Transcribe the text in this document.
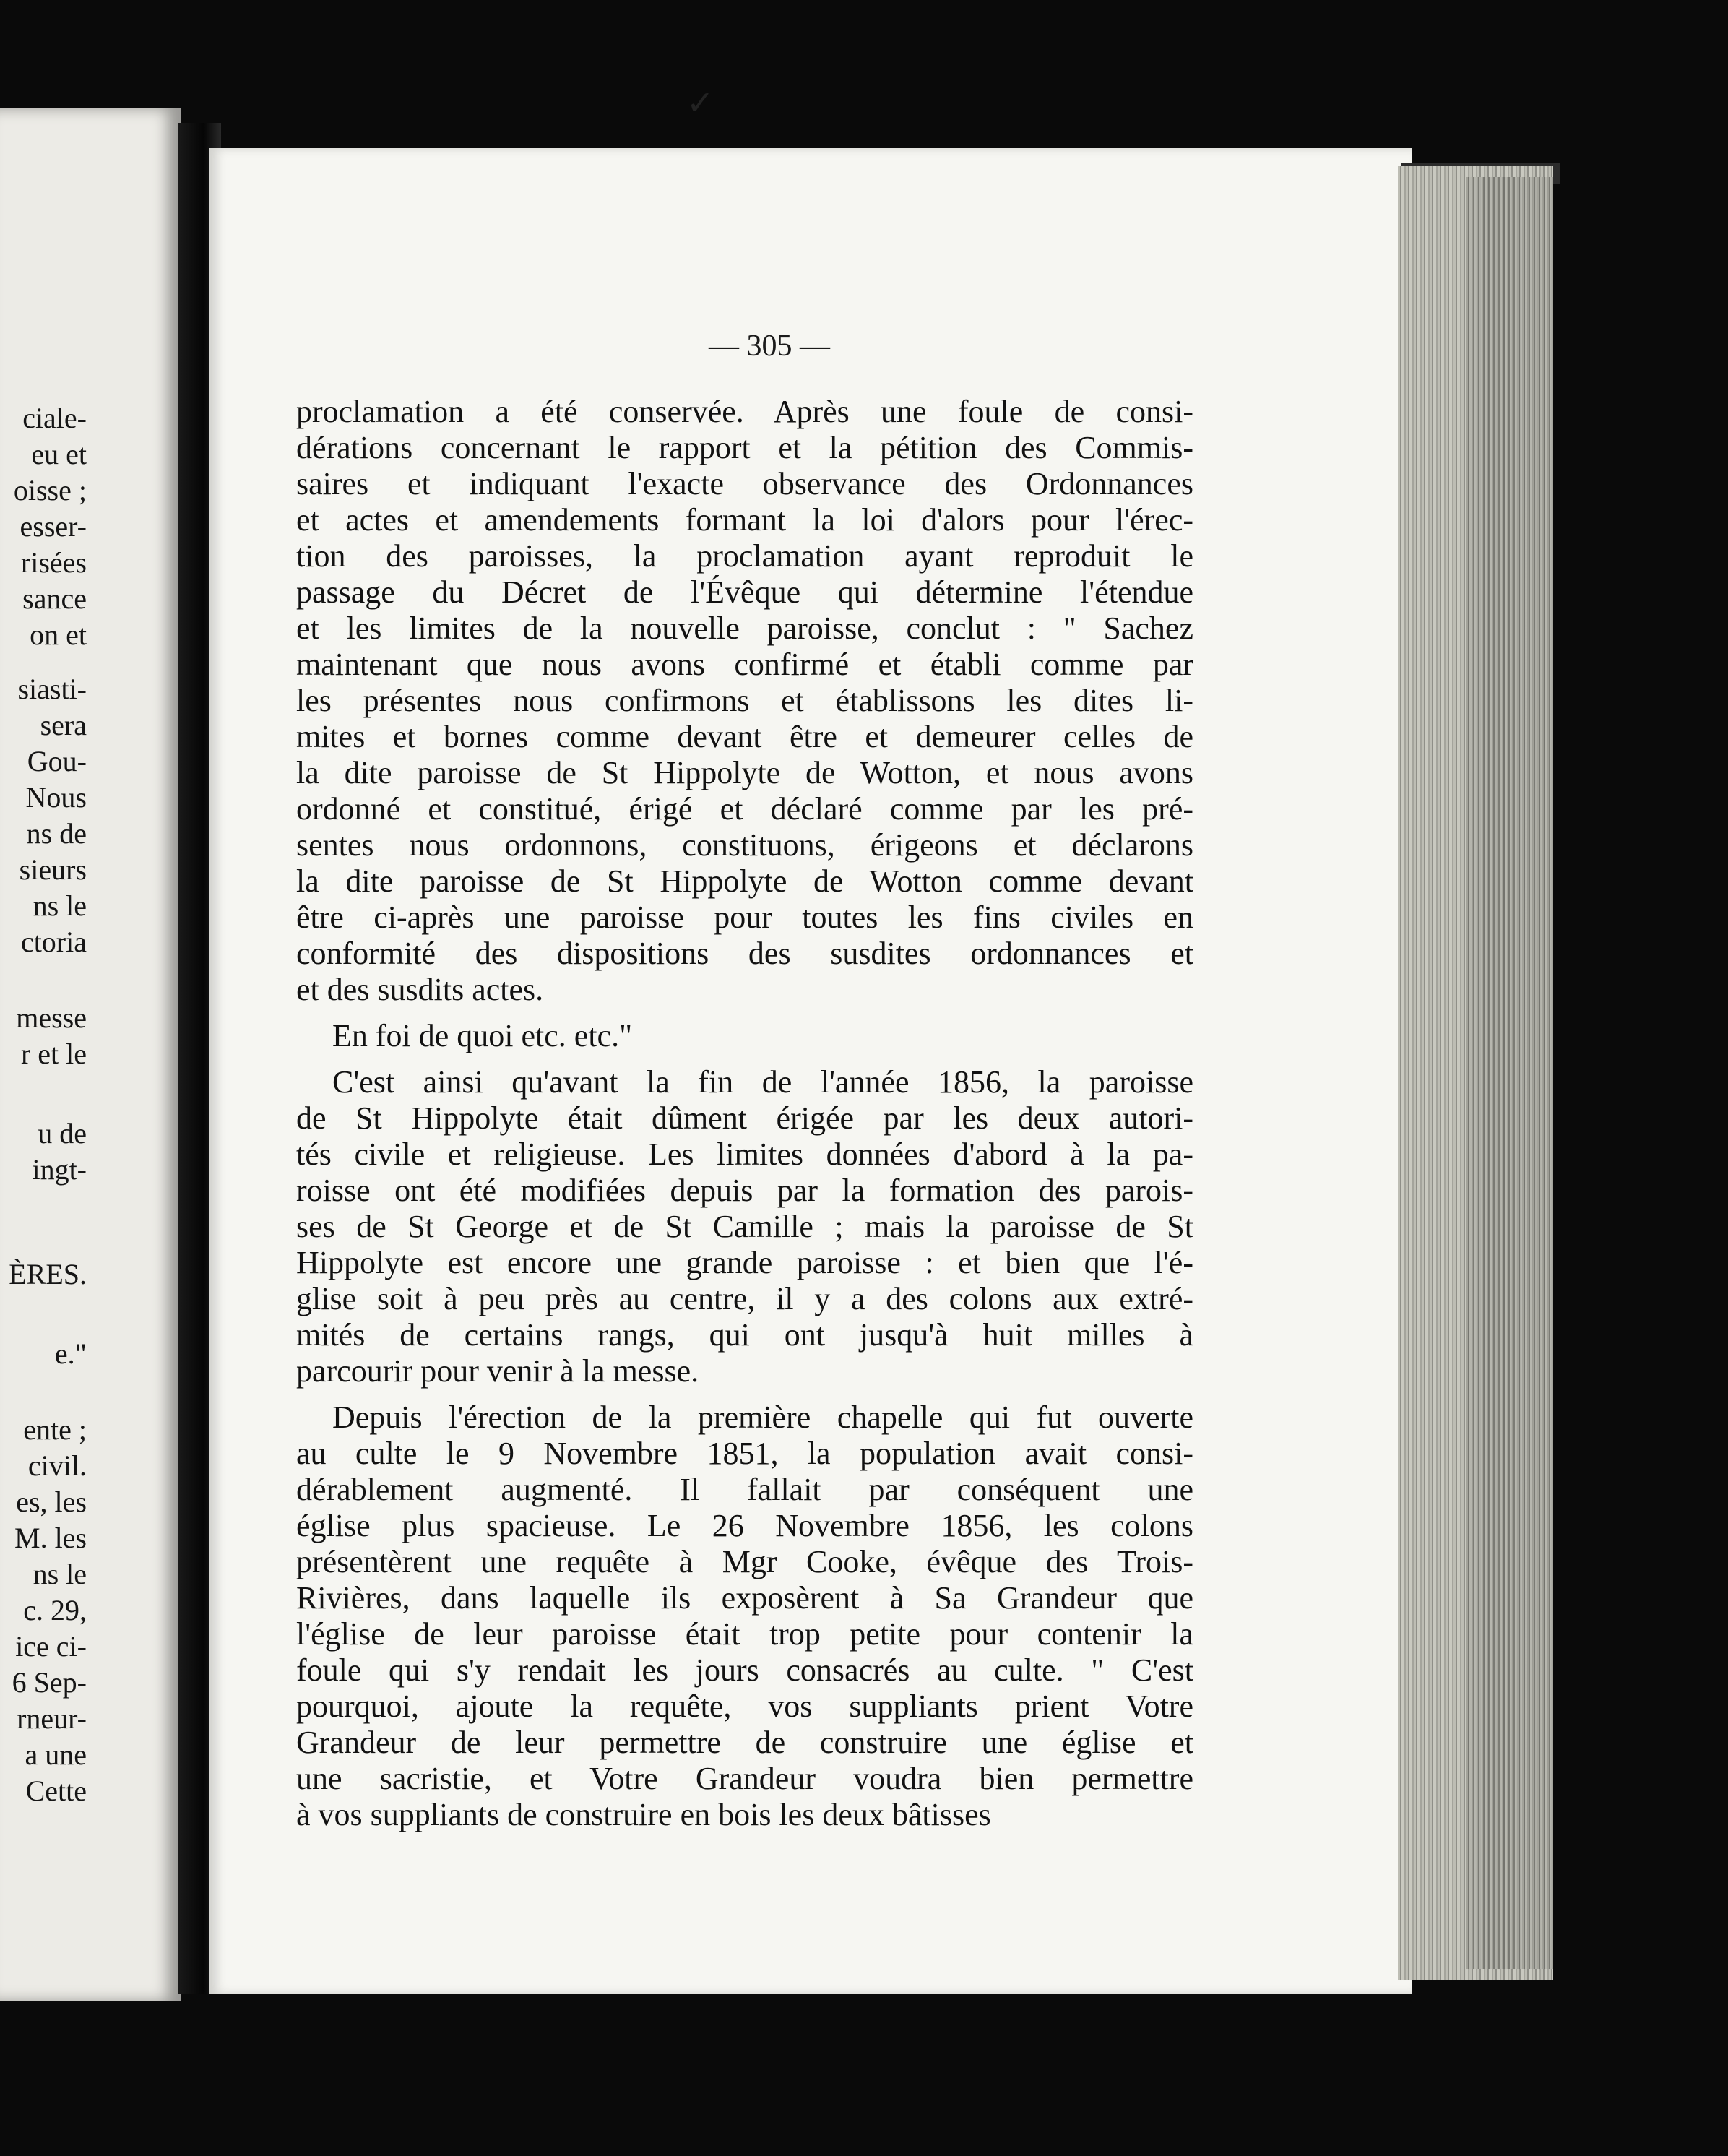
ciale-
eu et
oisse ;
esser-
risées
sance
on et
siasti-
sera
Gou-
Nous
ns de
sieurs
ns le
ctoria
messe
r et le
u de
ingt-
ÈRES.
e."
ente ;
civil.
es, les
M. les
ns le
c. 29,
ice ci-
6 Sep-
rneur-
a une
Cette
✓
— 305 —
proclamation a été conservée. Après une foule de consi-
dérations concernant le rapport et la pétition des Commis-
saires et indiquant l'exacte observance des Ordonnances
et actes et amendements formant la loi d'alors pour l'érec-
tion des paroisses, la proclamation ayant reproduit le
passage du Décret de l'Évêque qui détermine l'étendue
et les limites de la nouvelle paroisse, conclut : " Sachez
maintenant que nous avons confirmé et établi comme par
les présentes nous confirmons et établissons les dites li-
mites et bornes comme devant être et demeurer celles de
la dite paroisse de St Hippolyte de Wotton, et nous avons
ordonné et constitué, érigé et déclaré comme par les pré-
sentes nous ordonnons, constituons, érigeons et déclarons
la dite paroisse de St Hippolyte de Wotton comme devant
être ci-après une paroisse pour toutes les fins civiles en
conformité des dispositions des susdites ordonnances et
et des susdits actes.
En foi de quoi etc. etc."
C'est ainsi qu'avant la fin de l'année 1856, la paroisse
de St Hippolyte était dûment érigée par les deux autori-
tés civile et religieuse. Les limites données d'abord à la pa-
roisse ont été modifiées depuis par la formation des parois-
ses de St George et de St Camille ; mais la paroisse de St
Hippolyte est encore une grande paroisse : et bien que l'é-
glise soit à peu près au centre, il y a des colons aux extré-
mités de certains rangs, qui ont jusqu'à huit milles à
parcourir pour venir à la messe.
Depuis l'érection de la première chapelle qui fut ouverte
au culte le 9 Novembre 1851, la population avait consi-
dérablement augmenté. Il fallait par conséquent une
église plus spacieuse. Le 26 Novembre 1856, les colons
présentèrent une requête à Mgr Cooke, évêque des Trois-
Rivières, dans laquelle ils exposèrent à Sa Grandeur que
l'église de leur paroisse était trop petite pour contenir la
foule qui s'y rendait les jours consacrés au culte. " C'est
pourquoi, ajoute la requête, vos suppliants prient Votre
Grandeur de leur permettre de construire une église et
une sacristie, et Votre Grandeur voudra bien permettre
à vos suppliants de construire en bois les deux bâtisses
